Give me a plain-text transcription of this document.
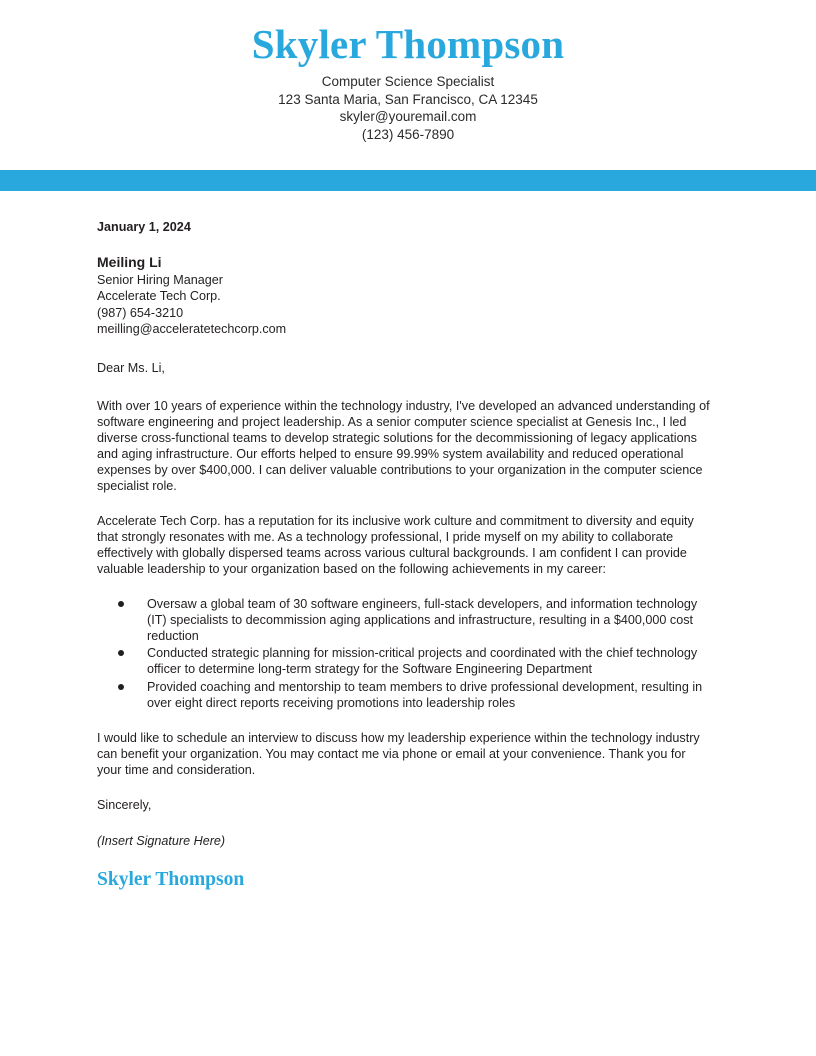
Skyler Thompson
Computer Science Specialist
123 Santa Maria, San Francisco, CA 12345
skyler@youremail.com
(123) 456-7890

January 1, 2024

Meiling Li
Senior Hiring Manager
Accelerate Tech Corp.
(987) 654-3210
meilling@acceleratetechcorp.com

Dear Ms. Li,

With over 10 years of experience within the technology industry, I've developed an advanced understanding of software engineering and project leadership. As a senior computer science specialist at Genesis Inc., I led diverse cross-functional teams to develop strategic solutions for the decommissioning of legacy applications and aging infrastructure. Our efforts helped to ensure 99.99% system availability and reduced operational expenses by over $400,000. I can deliver valuable contributions to your organization in the computer science specialist role.

Accelerate Tech Corp. has a reputation for its inclusive work culture and commitment to diversity and equity that strongly resonates with me. As a technology professional, I pride myself on my ability to collaborate effectively with globally dispersed teams across various cultural backgrounds. I am confident I can provide valuable leadership to your organization based on the following achievements in my career:

Oversaw a global team of 30 software engineers, full-stack developers, and information technology (IT) specialists to decommission aging applications and infrastructure, resulting in a $400,000 cost reduction
Conducted strategic planning for mission-critical projects and coordinated with the chief technology officer to determine long-term strategy for the Software Engineering Department
Provided coaching and mentorship to team members to drive professional development, resulting in over eight direct reports receiving promotions into leadership roles

I would like to schedule an interview to discuss how my leadership experience within the technology industry can benefit your organization. You may contact me via phone or email at your convenience. Thank you for your time and consideration.

Sincerely,

(Insert Signature Here)

Skyler Thompson
